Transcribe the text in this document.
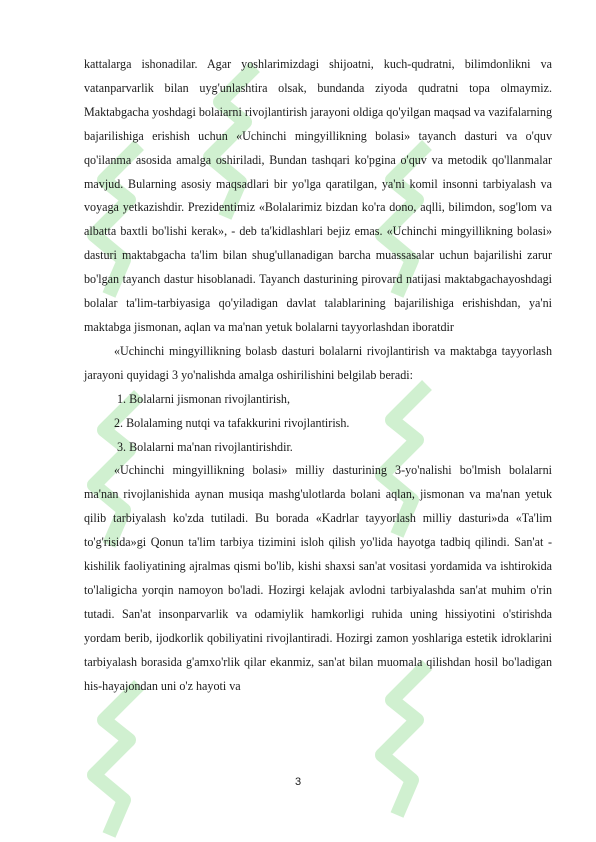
kattalarga ishonadilar. Agar yoshlarimizdagi shijoatni, kuch-qudratni, bilimdonlikni va vatanparvarlik bilan uyg'unlashtira olsak, bundanda ziyoda qudratni topa olmaymiz. Maktabgacha yoshdagi bolaiarni rivojlantirish jarayoni oldiga qo'yilgan maqsad va vazifalarning bajarilishiga erishish uchun «Uchinchi mingyillikning bolasi» tayanch dasturi va o'quv qo'ilanma asosida amalga oshiriladi, Bundan tashqari ko'pgina o'quv va metodik qo'llanmalar mavjud. Bularning asosiy maqsadlari bir yo'lga qaratilgan, ya'ni komil insonni tarbiyalash va voyaga yetkazishdir. Prezidentimiz «Bolalarimiz bizdan ko'ra dono, aqlli, bilimdon, sog'lom va albatta baxtli bo'lishi kerak», - deb ta'kidlashlari bejiz emas. «Uchinchi mingyillikning bolasi» dasturi maktabgacha ta'lim bilan shug'ullanadigan barcha muassasalar uchun bajarilishi zarur bo'lgan tayanch dastur hisoblanadi. Tayanch dasturining pirovard natijasi maktabgachayoshdagi bolalar ta'lim-tarbiyasiga qo'yiladigan davlat talablarining bajarilishiga erishishdan, ya'ni maktabga jismonan, aqlan va ma'nan yetuk bolalarni tayyorlashdan iboratdir

«Uchinchi mingyillikning bolasb dasturi bolalarni rivojlantirish va maktabga tayyorlash jarayoni quyidagi 3 yo'nalishda amalga oshirilishini belgilab beradi:

1. Bolalarni jismonan rivojlantirish,

2. Bolalaming nutqi va tafakkurini rivojlantirish.

3. Bolalarni ma'nan rivojlantirishdir.

«Uchinchi mingyillikning bolasi» milliy dasturining 3-yo'nalishi bo'lmish bolalarni ma'nan rivojlanishida aynan musiqa mashg'ulotlarda bolani aqlan, jismonan va ma'nan yetuk qilib tarbiyalash ko'zda tutiladi. Bu borada «Kadrlar tayyorlash milliy dasturi»da «Ta'lim to'g'risida»gi Qonun ta'lim tarbiya tizimini isloh qilish yo'lida hayotga tadbiq qilindi. San'at - kishilik faoliyatining ajralmas qismi bo'lib, kishi shaxsi san'at vositasi yordamida va ishtirokida to'laligicha yorqin namoyon bo'ladi. Hozirgi kelajak avlodni tarbiyalashda san'at muhim o'rin tutadi. San'at insonparvarlik va odamiylik hamkorligi ruhida uning hissiyotini o'stirishda yordam berib, ijodkorlik qobiliyatini rivojlantiradi. Hozirgi zamon yoshlariga estetik idroklarini tarbiyalash borasida g'amxo'rlik qilar ekanmiz, san'at bilan muomala qilishdan hosil bo'ladigan his-hayajondan uni o'z hayoti va

3
